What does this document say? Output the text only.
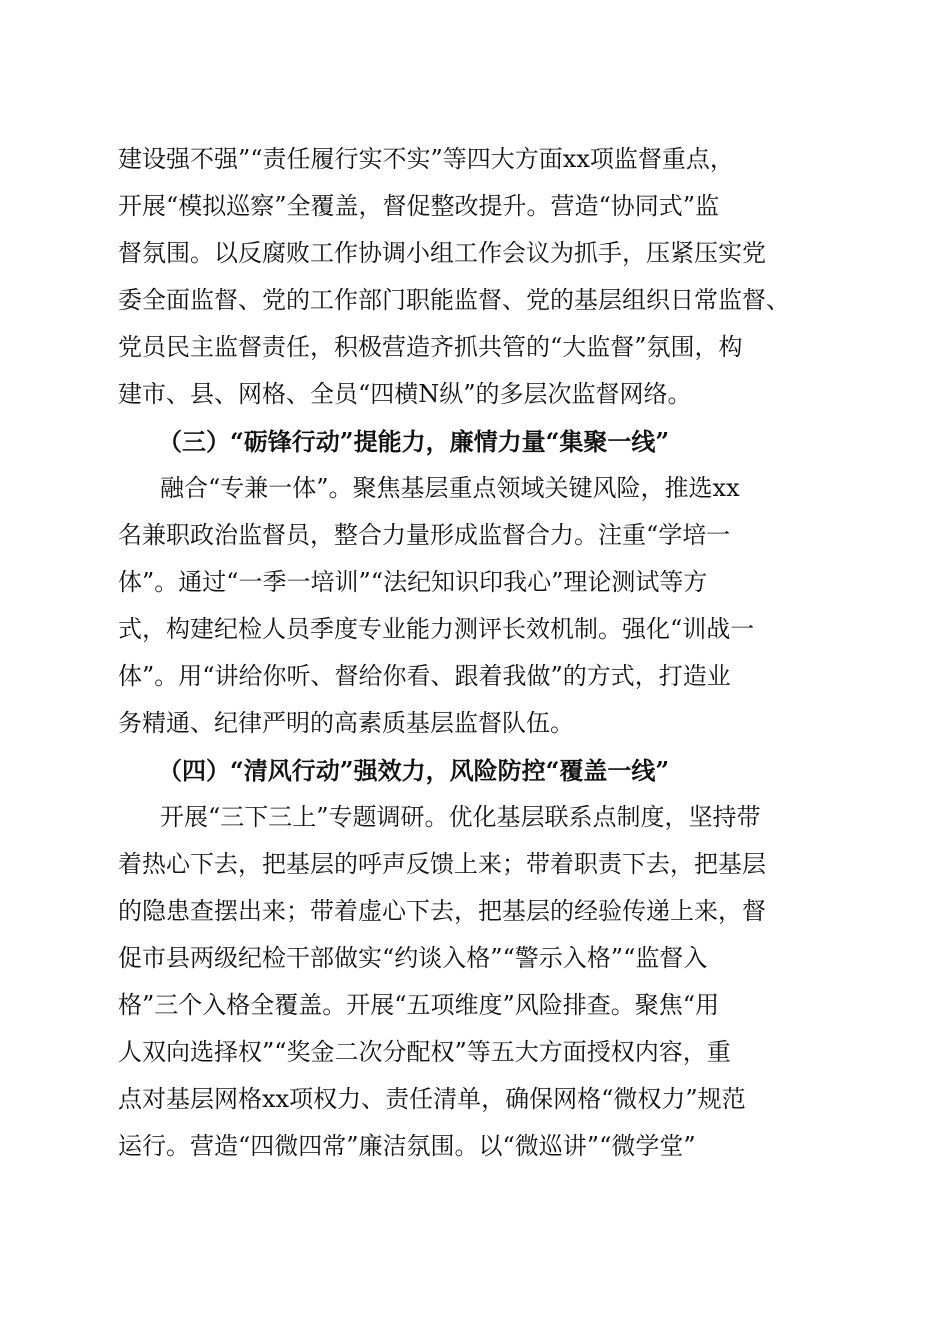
建设强不强”“责任履行实不实”等四大方面xx项监督重点，
开展“模拟巡察”全覆盖，督促整改提升。营造“协同式”监
督氛围。以反腐败工作协调小组工作会议为抓手，压紧压实党
委全面监督、党的工作部门职能监督、党的基层组织日常监督、
党员民主监督责任，积极营造齐抓共管的“大监督”氛围，构
建市、县、网格、全员“四横N纵”的多层次监督网络。
（三）“砺锋行动”提能力，廉情力量“集聚一线”
融合“专兼一体”。聚焦基层重点领域关键风险，推选xx
名兼职政治监督员，整合力量形成监督合力。注重“学培一
体”。通过“一季一培训”“法纪知识印我心”理论测试等方
式，构建纪检人员季度专业能力测评长效机制。强化“训战一
体”。用“讲给你听、督给你看、跟着我做”的方式，打造业
务精通、纪律严明的高素质基层监督队伍。
（四）“清风行动”强效力，风险防控“覆盖一线”
开展“三下三上”专题调研。优化基层联系点制度，坚持带
着热心下去，把基层的呼声反馈上来；带着职责下去，把基层
的隐患查摆出来；带着虚心下去，把基层的经验传递上来，督
促市县两级纪检干部做实“约谈入格”“警示入格”“监督入
格”三个入格全覆盖。开展“五项维度”风险排查。聚焦“用
人双向选择权”“奖金二次分配权”等五大方面授权内容，重
点对基层网格xx项权力、责任清单，确保网格“微权力”规范
运行。营造“四微四常”廉洁氛围。以“微巡讲”“微学堂”
